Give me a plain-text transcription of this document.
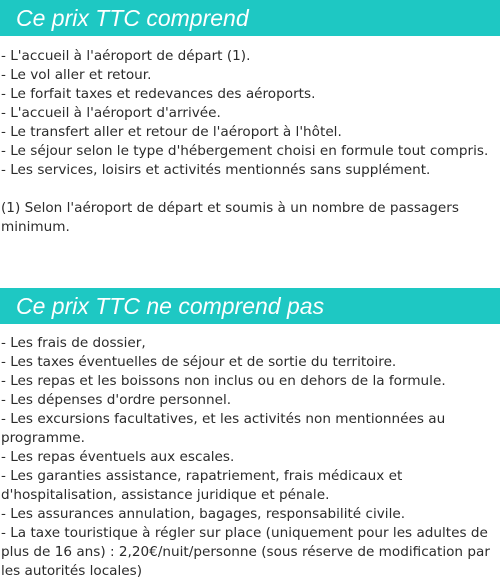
Ce prix TTC comprend
- L'accueil à l'aéroport de départ (1).
- Le vol aller et retour.
- Le forfait taxes et redevances des aéroports.
- L'accueil à l'aéroport d'arrivée.
- Le transfert aller et retour de l'aéroport à l'hôtel.
- Le séjour selon le type d'hébergement choisi en formule tout compris.
- Les services, loisirs et activités mentionnés sans supplément.

(1) Selon l'aéroport de départ et soumis à un nombre de passagers minimum.

Ce prix TTC ne comprend pas
- Les frais de dossier,
- Les taxes éventuelles de séjour et de sortie du territoire.
- Les repas et les boissons non inclus ou en dehors de la formule.
- Les dépenses d'ordre personnel.
- Les excursions facultatives, et les activités non mentionnées au programme.
- Les repas éventuels aux escales.
- Les garanties assistance, rapatriement, frais médicaux et d'hospitalisation, assistance juridique et pénale.
- Les assurances annulation, bagages, responsabilité civile.
- La taxe touristique à régler sur place (uniquement pour les adultes de plus de 16 ans) : 2,20€/nuit/personne (sous réserve de modification par les autorités locales)
